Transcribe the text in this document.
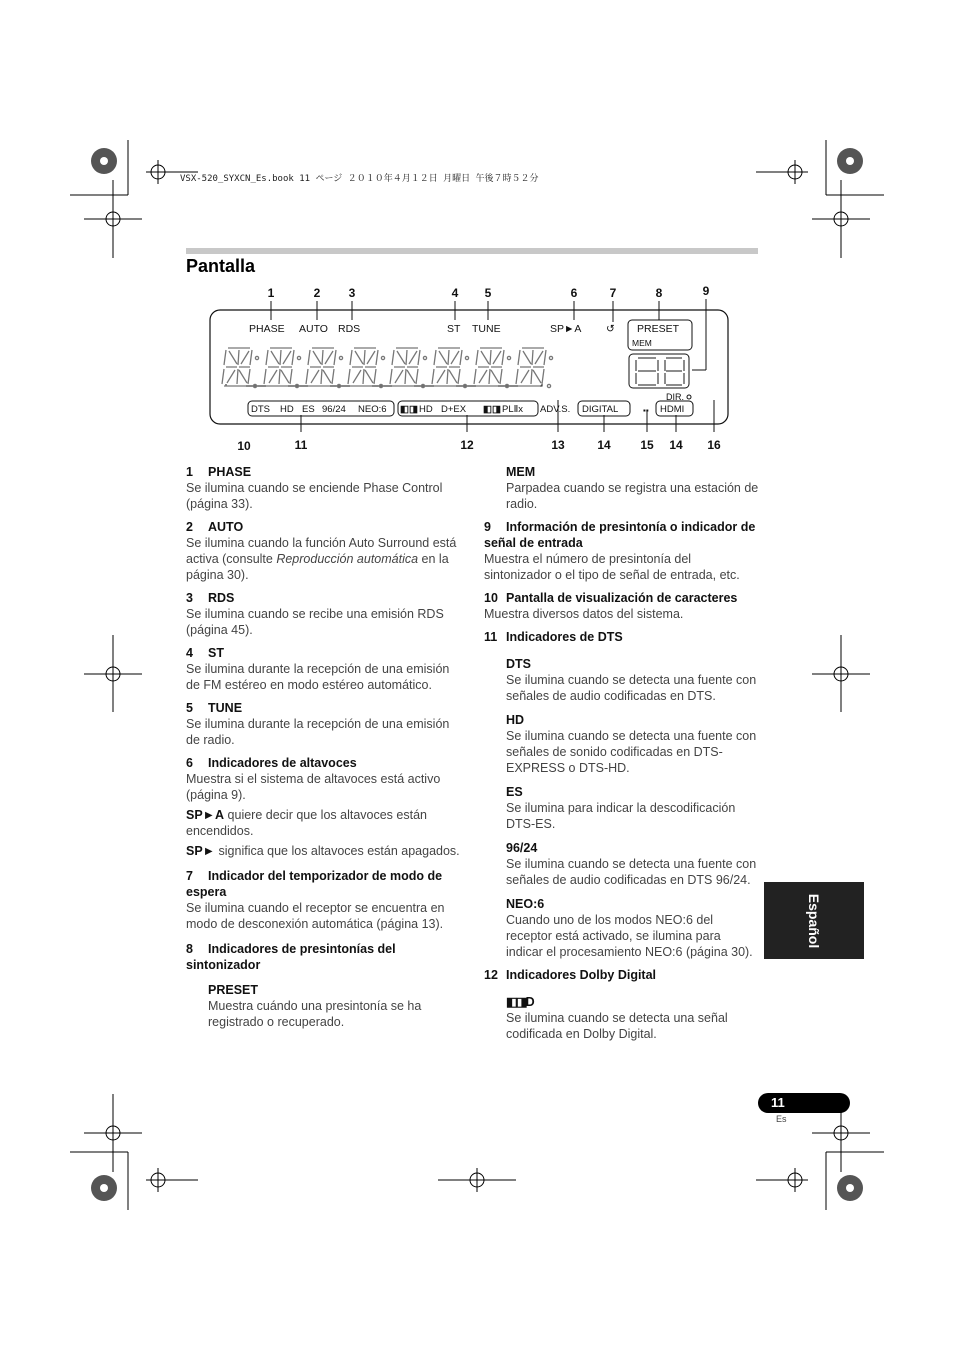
VSX-520_SYXCN_Es.book 11 ページ ２０１０年４月１２日 月曜日 午後７時５２分
Pantalla
1	2 3	4 5	6	7	8	9
10	11	12	13	14 15 14 16
PHASE AUTO RDS	ST TUNE	SP►A ↺ PRESET
MEM
DIR.
DTS HD ES 96/24 NEO:6 ◧◨ HD D+EX ◧◨ PLⅡx ADV.S. DIGITAL	▪▪ HDMI
1 PHASE
Se ilumina cuando se enciende Phase Control (página 33).
2 AUTO
Se ilumina cuando la función Auto Surround está activa (consulte Reproducción automática en la página 30).
3 RDS
Se ilumina cuando se recibe una emisión RDS (página 45).
4 ST
Se ilumina durante la recepción de una emisión de FM estéreo en modo estéreo automático.
5 TUNE
Se ilumina durante la recepción de una emisión de radio.
6 Indicadores de altavoces
Muestra si el sistema de altavoces está activo (página 9).
SP►A quiere decir que los altavoces están encendidos.
SP► significa que los altavoces están apagados.
7 Indicador del temporizador de modo de espera
Se ilumina cuando el receptor se encuentra en modo de desconexión automática (página 13).
8 Indicadores de presintonías del sintonizador
PRESET
Muestra cuándo una presintonía se ha registrado o recuperado.
MEM
Parpadea cuando se registra una estación de radio.
9 Información de presintonía o indicador de señal de entrada
Muestra el número de presintonía del sintonizador o el tipo de señal de entrada, etc.
10 Pantalla de visualización de caracteres
Muestra diversos datos del sistema.
11 Indicadores de DTS
DTS
Se ilumina cuando se detecta una fuente con señales de audio codificadas en DTS.
HD
Se ilumina cuando se detecta una fuente con señales de sonido codificadas en DTS-EXPRESS o DTS-HD.
ES
Se ilumina para indicar la descodificación DTS-ES.
96/24
Se ilumina cuando se detecta una fuente con señales de audio codificadas en DTS 96/24.
NEO:6
Cuando uno de los modos NEO:6 del receptor está activado, se ilumina para indicar el procesamiento NEO:6 (página 30).
12 Indicadores Dolby Digital
◧◨D
Se ilumina cuando se detecta una señal codificada en Dolby Digital.
Español
11
Es
